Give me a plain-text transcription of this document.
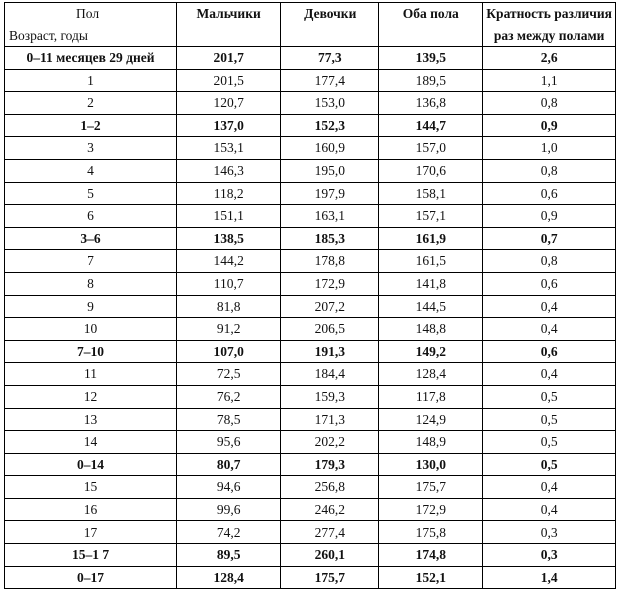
Пол
Возраст, годы	Мальчики	Девочки	Оба пола	Кратность различия
раз между полами

0–11 месяцев 29 дней	201,7	77,3	139,5	2,6
1	201,5	177,4	189,5	1,1
2	120,7	153,0	136,8	0,8
1–2	137,0	152,3	144,7	0,9
3	153,1	160,9	157,0	1,0
4	146,3	195,0	170,6	0,8
5	118,2	197,9	158,1	0,6
6	151,1	163,1	157,1	0,9
3–6	138,5	185,3	161,9	0,7
7	144,2	178,8	161,5	0,8
8	110,7	172,9	141,8	0,6
9	81,8	207,2	144,5	0,4
10	91,2	206,5	148,8	0,4
7–10	107,0	191,3	149,2	0,6
11	72,5	184,4	128,4	0,4
12	76,2	159,3	117,8	0,5
13	78,5	171,3	124,9	0,5
14	95,6	202,2	148,9	0,5
0–14	80,7	179,3	130,0	0,5
15	94,6	256,8	175,7	0,4
16	99,6	246,2	172,9	0,4
17	74,2	277,4	175,8	0,3
15–1 7	89,5	260,1	174,8	0,3
0–17	128,4	175,7	152,1	1,4
